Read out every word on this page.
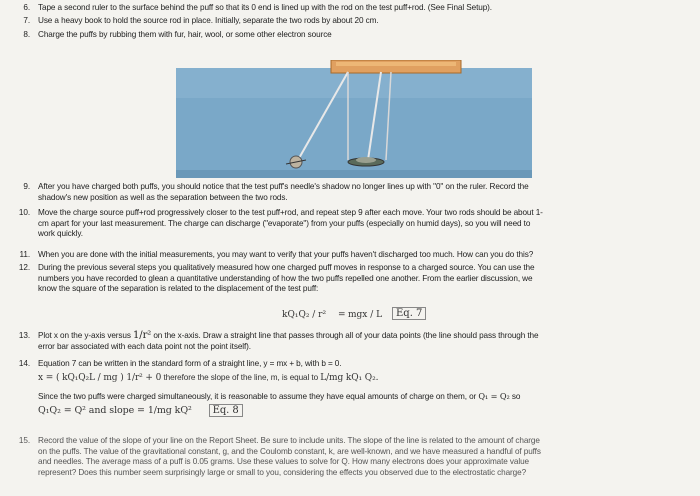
6. Tape a second ruler to the surface behind the puff so that its 0 end is lined up with the rod on the test puff+rod. (See Final Setup).
7. Use a heavy book to hold the source rod in place. Initially, separate the two rods by about 20 cm.
8. Charge the puffs by rubbing them with fur, hair, wool, or some other electron source
9. After you have charged both puffs, you should notice that the test puff's needle's shadow no longer lines up with "0" on the ruler. Record the
shadow's new position as well as the separation between the two rods.
10. Move the charge source puff+rod progressively closer to the test puff+rod, and repeat step 9 after each move. Your two rods should be about 1-
cm apart for your last measurement. The charge can discharge ("evaporate") from your puffs (especially on humid days), so you will need to
work quickly.
11. When you are done with the initial measurements, you may want to verify that your puffs haven't discharged too much. How can you do this?
12. During the previous several steps you qualitatively measured how one charged puff moves in response to a charged source. You can use the
numbers you have recorded to glean a quantitative understanding of how the two puffs repelled one another. From the earlier discussion, we
know the square of the separation is related to the displacement of the test puff:
kQ₁Q₂ / r² = mgx / L	Eq. 7
13. Plot x on the y-axis versus 1/r² on the x-axis. Draw a straight line that passes through all of your data points (the line should pass through the
error bar associated with each data point not the point itself).
14. Equation 7 can be written in the standard form of a straight line, y = mx + b, with b = 0.
x = ( kQ₁Q₂L / mg ) 1/r² + 0 therefore the slope of the line, m, is equal to L/mg kQ₁ Q₂.
Since the two puffs were charged simultaneously, it is reasonable to assume they have equal amounts of charge on them, or Q₁ = Q₂ so
Q₁Q₂ = Q² and slope = 1/mg kQ² Eq. 8
15. Record the value of the slope of your line on the Report Sheet. Be sure to include units. The slope of the line is related to the amount of charge
on the puffs. The value of the gravitational constant, g, and the Coulomb constant, k, are well-known, and we have measured a handful of puffs
and needles. The average mass of a puff is 0.05 grams. Use these values to solve for Q. How many electrons does your approximate value
represent? Does this number seem surprisingly large or small to you, considering the effects you observed due to the electrostatic charge?
